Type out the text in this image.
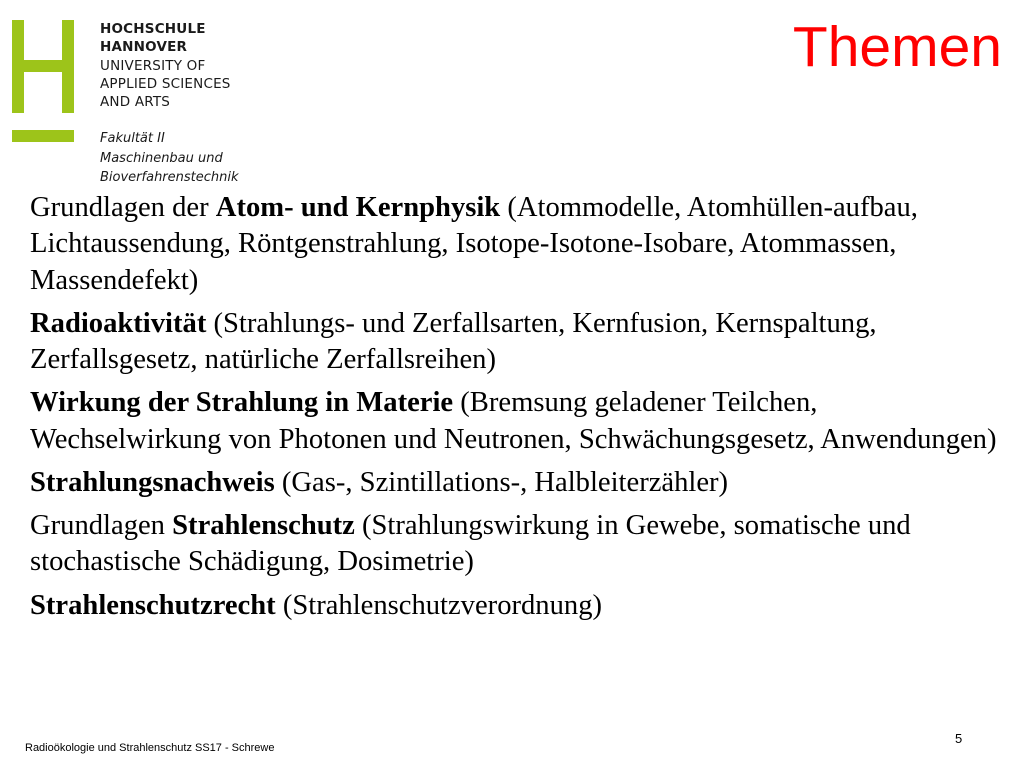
HOCHSCHULE
HANNOVER
UNIVERSITY OF
APPLIED SCIENCES
AND ARTS
Fakultät II
Maschinenbau und
Bioverfahrenstechnik
Themen
Grundlagen der Atom- und Kernphysik (Atommodelle, Atomhüllen-aufbau, Lichtaussendung, Röntgenstrahlung, Isotope-Isotone-Isobare, Atommassen, Massendefekt)
Radioaktivität (Strahlungs- und Zerfallsarten, Kernfusion, Kernspaltung, Zerfallsgesetz, natürliche Zerfallsreihen)
Wirkung der Strahlung in Materie (Bremsung geladener Teilchen, Wechselwirkung von Photonen und Neutronen, Schwächungsgesetz, Anwendungen)
Strahlungsnachweis (Gas-, Szintillations-, Halbleiterzähler)
Grundlagen Strahlenschutz (Strahlungswirkung in Gewebe, somatische und stochastische Schädigung, Dosimetrie)
Strahlenschutzrecht (Strahlenschutzverordnung)
Radioökologie und Strahlenschutz SS17 - Schrewe
5
